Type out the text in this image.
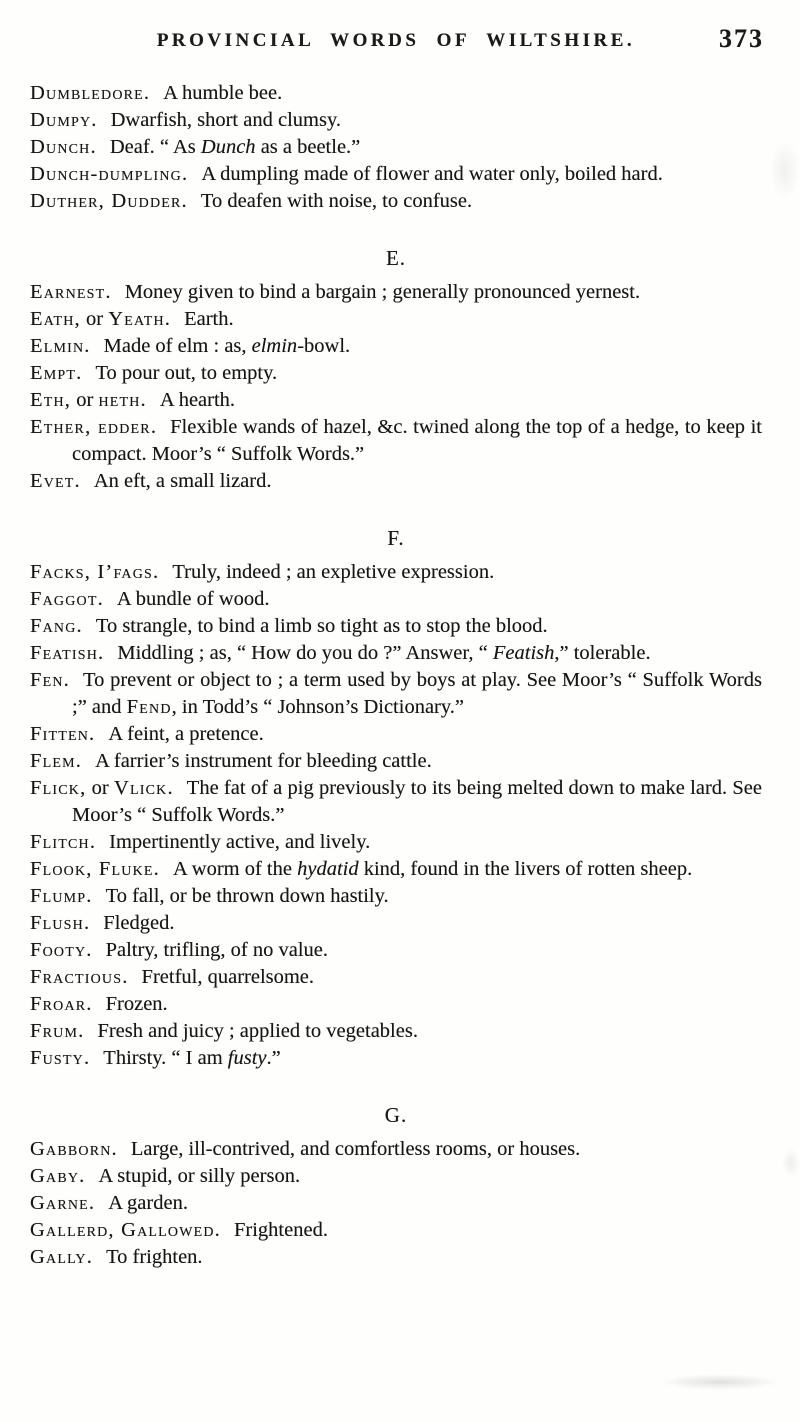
PROVINCIAL WORDS OF WILTSHIRE.	373

Dumbledore. A humble bee.

Dumpy. Dwarfish, short and clumsy.

Dunch. Deaf. “ As Dunch as a beetle.”

Dunch-dumpling. A dumpling made of flower and water only, boiled hard.

Duther, Dudder. To deafen with noise, to confuse.

E.

Earnest. Money given to bind a bargain ; generally pronounced yernest.

Eath, or Yeath. Earth.

Elmin. Made of elm : as, elmin-bowl.

Empt. To pour out, to empty.

Eth, or heth. A hearth.

Ether, edder. Flexible wands of hazel, &c. twined along the top of a hedge, to keep it compact. Moor’s “ Suffolk Words.”

Evet. An eft, a small lizard.

F.

Facks, I’fags. Truly, indeed ; an expletive expression.

Faggot. A bundle of wood.

Fang. To strangle, to bind a limb so tight as to stop the blood.

Featish. Middling ; as, “ How do you do ?” Answer, “ Featish,” tolerable.

Fen. To prevent or object to ; a term used by boys at play. See Moor’s “ Suffolk Words ;” and Fend, in Todd’s “ Johnson’s Dictionary.”

Fitten. A feint, a pretence.

Flem. A farrier’s instrument for bleeding cattle.

Flick, or Vlick. The fat of a pig previously to its being melted down to make lard. See Moor’s “ Suffolk Words.”

Flitch. Impertinently active, and lively.

Flook, Fluke. A worm of the hydatid kind, found in the livers of rotten sheep.

Flump. To fall, or be thrown down hastily.

Flush. Fledged.

Footy. Paltry, trifling, of no value.

Fractious. Fretful, quarrelsome.

Froar. Frozen.

Frum. Fresh and juicy ; applied to vegetables.

Fusty. Thirsty. “ I am fusty.”

G.

Gabborn. Large, ill-contrived, and comfortless rooms, or houses.

Gaby. A stupid, or silly person.

Garne. A garden.

Gallerd, Gallowed. Frightened.

Gally. To frighten.
